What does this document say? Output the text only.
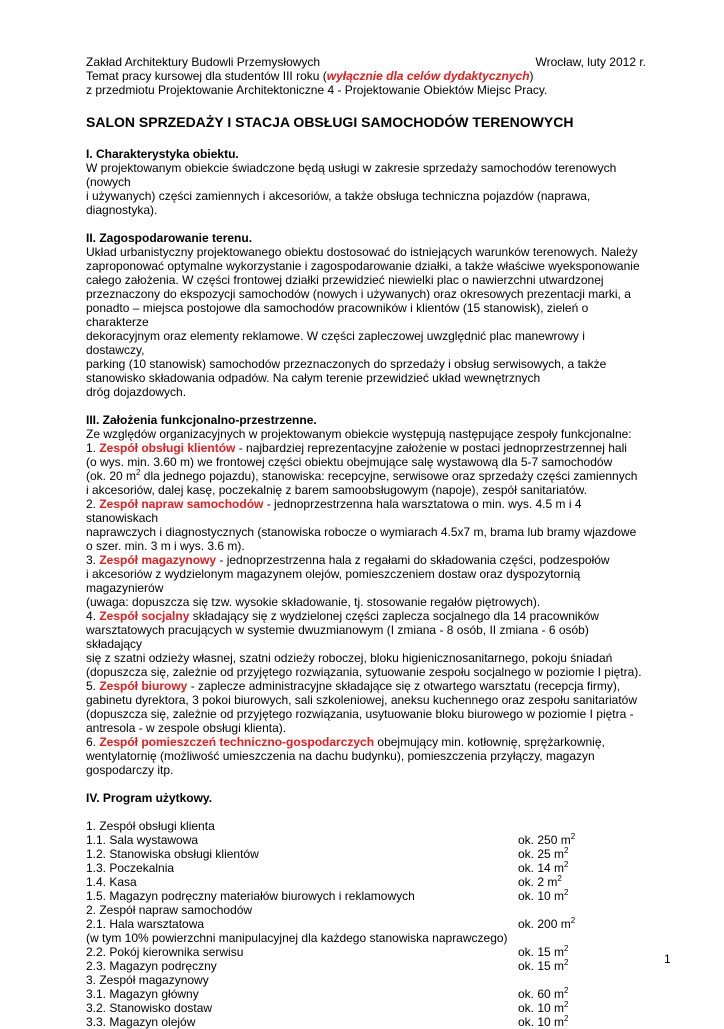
Zakład Architektury Budowli Przemysłowych	Wrocław, luty 2012 r.
Temat pracy kursowej dla studentów III roku (wyłącznie dla celów dydaktycznych)
z przedmiotu Projektowanie Architektoniczne 4 - Projektowanie Obiektów Miejsc Pracy.
SALON SPRZEDAŻY I STACJA OBSŁUGI SAMOCHODÓW TERENOWYCH
I. Charakterystyka obiektu.
W projektowanym obiekcie świadczone będą usługi w zakresie sprzedaży samochodów terenowych (nowych
i używanych) części zamiennych i akcesoriów, a także obsługa techniczna pojazdów (naprawa,
diagnostyka).
II. Zagospodarowanie terenu.
Układ urbanistyczny projektowanego obiektu dostosować do istniejących warunków terenowych. Należy
zaproponować optymalne wykorzystanie i zagospodarowanie działki, a także właściwe wyeksponowanie
całego założenia. W części frontowej działki przewidzieć niewielki plac o nawierzchni utwardzonej
przeznaczony do ekspozycji samochodów (nowych i używanych) oraz okresowych prezentacji marki, a
ponadto – miejsca postojowe dla samochodów pracowników i klientów (15 stanowisk), zieleń o charakterze
dekoracyjnym oraz elementy reklamowe. W części zapleczowej uwzględnić plac manewrowy i dostawczy,
parking (10 stanowisk) samochodów przeznaczonych do sprzedaży i obsług serwisowych, a także
stanowisko składowania odpadów. Na całym terenie przewidzieć układ wewnętrznych
dróg dojazdowych.
III. Założenia funkcjonalno-przestrzenne.
Ze względów organizacyjnych w projektowanym obiekcie występują następujące zespoły funkcjonalne:
1. Zespół obsługi klientów - najbardziej reprezentacyjne założenie w postaci jednoprzestrzennej hali
(o wys. min. 3.60 m) we frontowej części obiektu obejmujące salę wystawową dla 5-7 samochodów
(ok. 20 $m^2$ dla jednego pojazdu), stanowiska: recepcyjne, serwisowe oraz sprzedaży części zamiennych
i akcesoriów, dalej kasę, poczekalnię z barem samoobsługowym (napoje), zespół sanitariatów.
2. Zespół napraw samochodów - jednoprzestrzenna hala warsztatowa o min. wys. 4.5 m i 4 stanowiskach
naprawczych i diagnostycznych (stanowiska robocze o wymiarach 4.5x7 m, brama lub bramy wjazdowe
o szer. min. 3 m i wys. 3.6 m).
3. Zespół magazynowy - jednoprzestrzenna hala z regałami do składowania części, podzespołów
i akcesoriów z wydzielonym magazynem olejów, pomieszczeniem dostaw oraz dyspozytornią magazynierów
(uwaga: dopuszcza się tzw. wysokie składowanie, tj. stosowanie regałów piętrowych).
4. Zespół socjalny składający się z wydzielonej części zaplecza socjalnego dla 14 pracowników
warsztatowych pracujących w systemie dwuzmianowym (I zmiana - 8 osób, II zmiana - 6 osób) składający
się z szatni odzieży własnej, szatni odzieży roboczej, bloku higienicznosanitarnego, pokoju śniadań
(dopuszcza się, zależnie od przyjętego rozwiązania, sytuowanie zespołu socjalnego w poziomie I piętra).
5. Zespół biurowy - zaplecze administracyjne składające się z otwartego warsztatu (recepcja firmy),
gabinetu dyrektora, 3 pokoi biurowych, sali szkoleniowej, aneksu kuchennego oraz zespołu sanitariatów
(dopuszcza się, zależnie od przyjętego rozwiązania, usytuowanie bloku biurowego w poziomie I piętra -
antresola - w zespole obsługi klienta).
6. Zespół pomieszczeń techniczno-gospodarczych obejmujący min. kotłownię, sprężarkownię,
wentylatornię (możliwość umieszczenia na dachu budynku), pomieszczenia przyłączy, magazyn
gospodarczy itp.
IV. Program użytkowy.
1. Zespół obsługi klienta
1.1. Sala wystawowa	ok. 250 $m^2$
1.2. Stanowiska obsługi klientów	ok. 25 $m^2$
1.3. Poczekalnia	ok. 14 $m^2$
1.4. Kasa	ok. 2 $m^2$
1.5. Magazyn podręczny materiałów biurowych i reklamowych	ok. 10 $m^2$
2. Zespół napraw samochodów
2.1. Hala warsztatowa	ok. 200 $m^2$
(w tym 10% powierzchni manipulacyjnej dla każdego stanowiska naprawczego)
2.2. Pokój kierownika serwisu	ok. 15 $m^2$
2.3. Magazyn podręczny	ok. 15 $m^2$
3. Zespół magazynowy
3.1. Magazyn główny	ok. 60 $m^2$
3.2. Stanowisko dostaw	ok. 10 $m^2$
3.3. Magazyn olejów	ok. 10 $m^2$
1
